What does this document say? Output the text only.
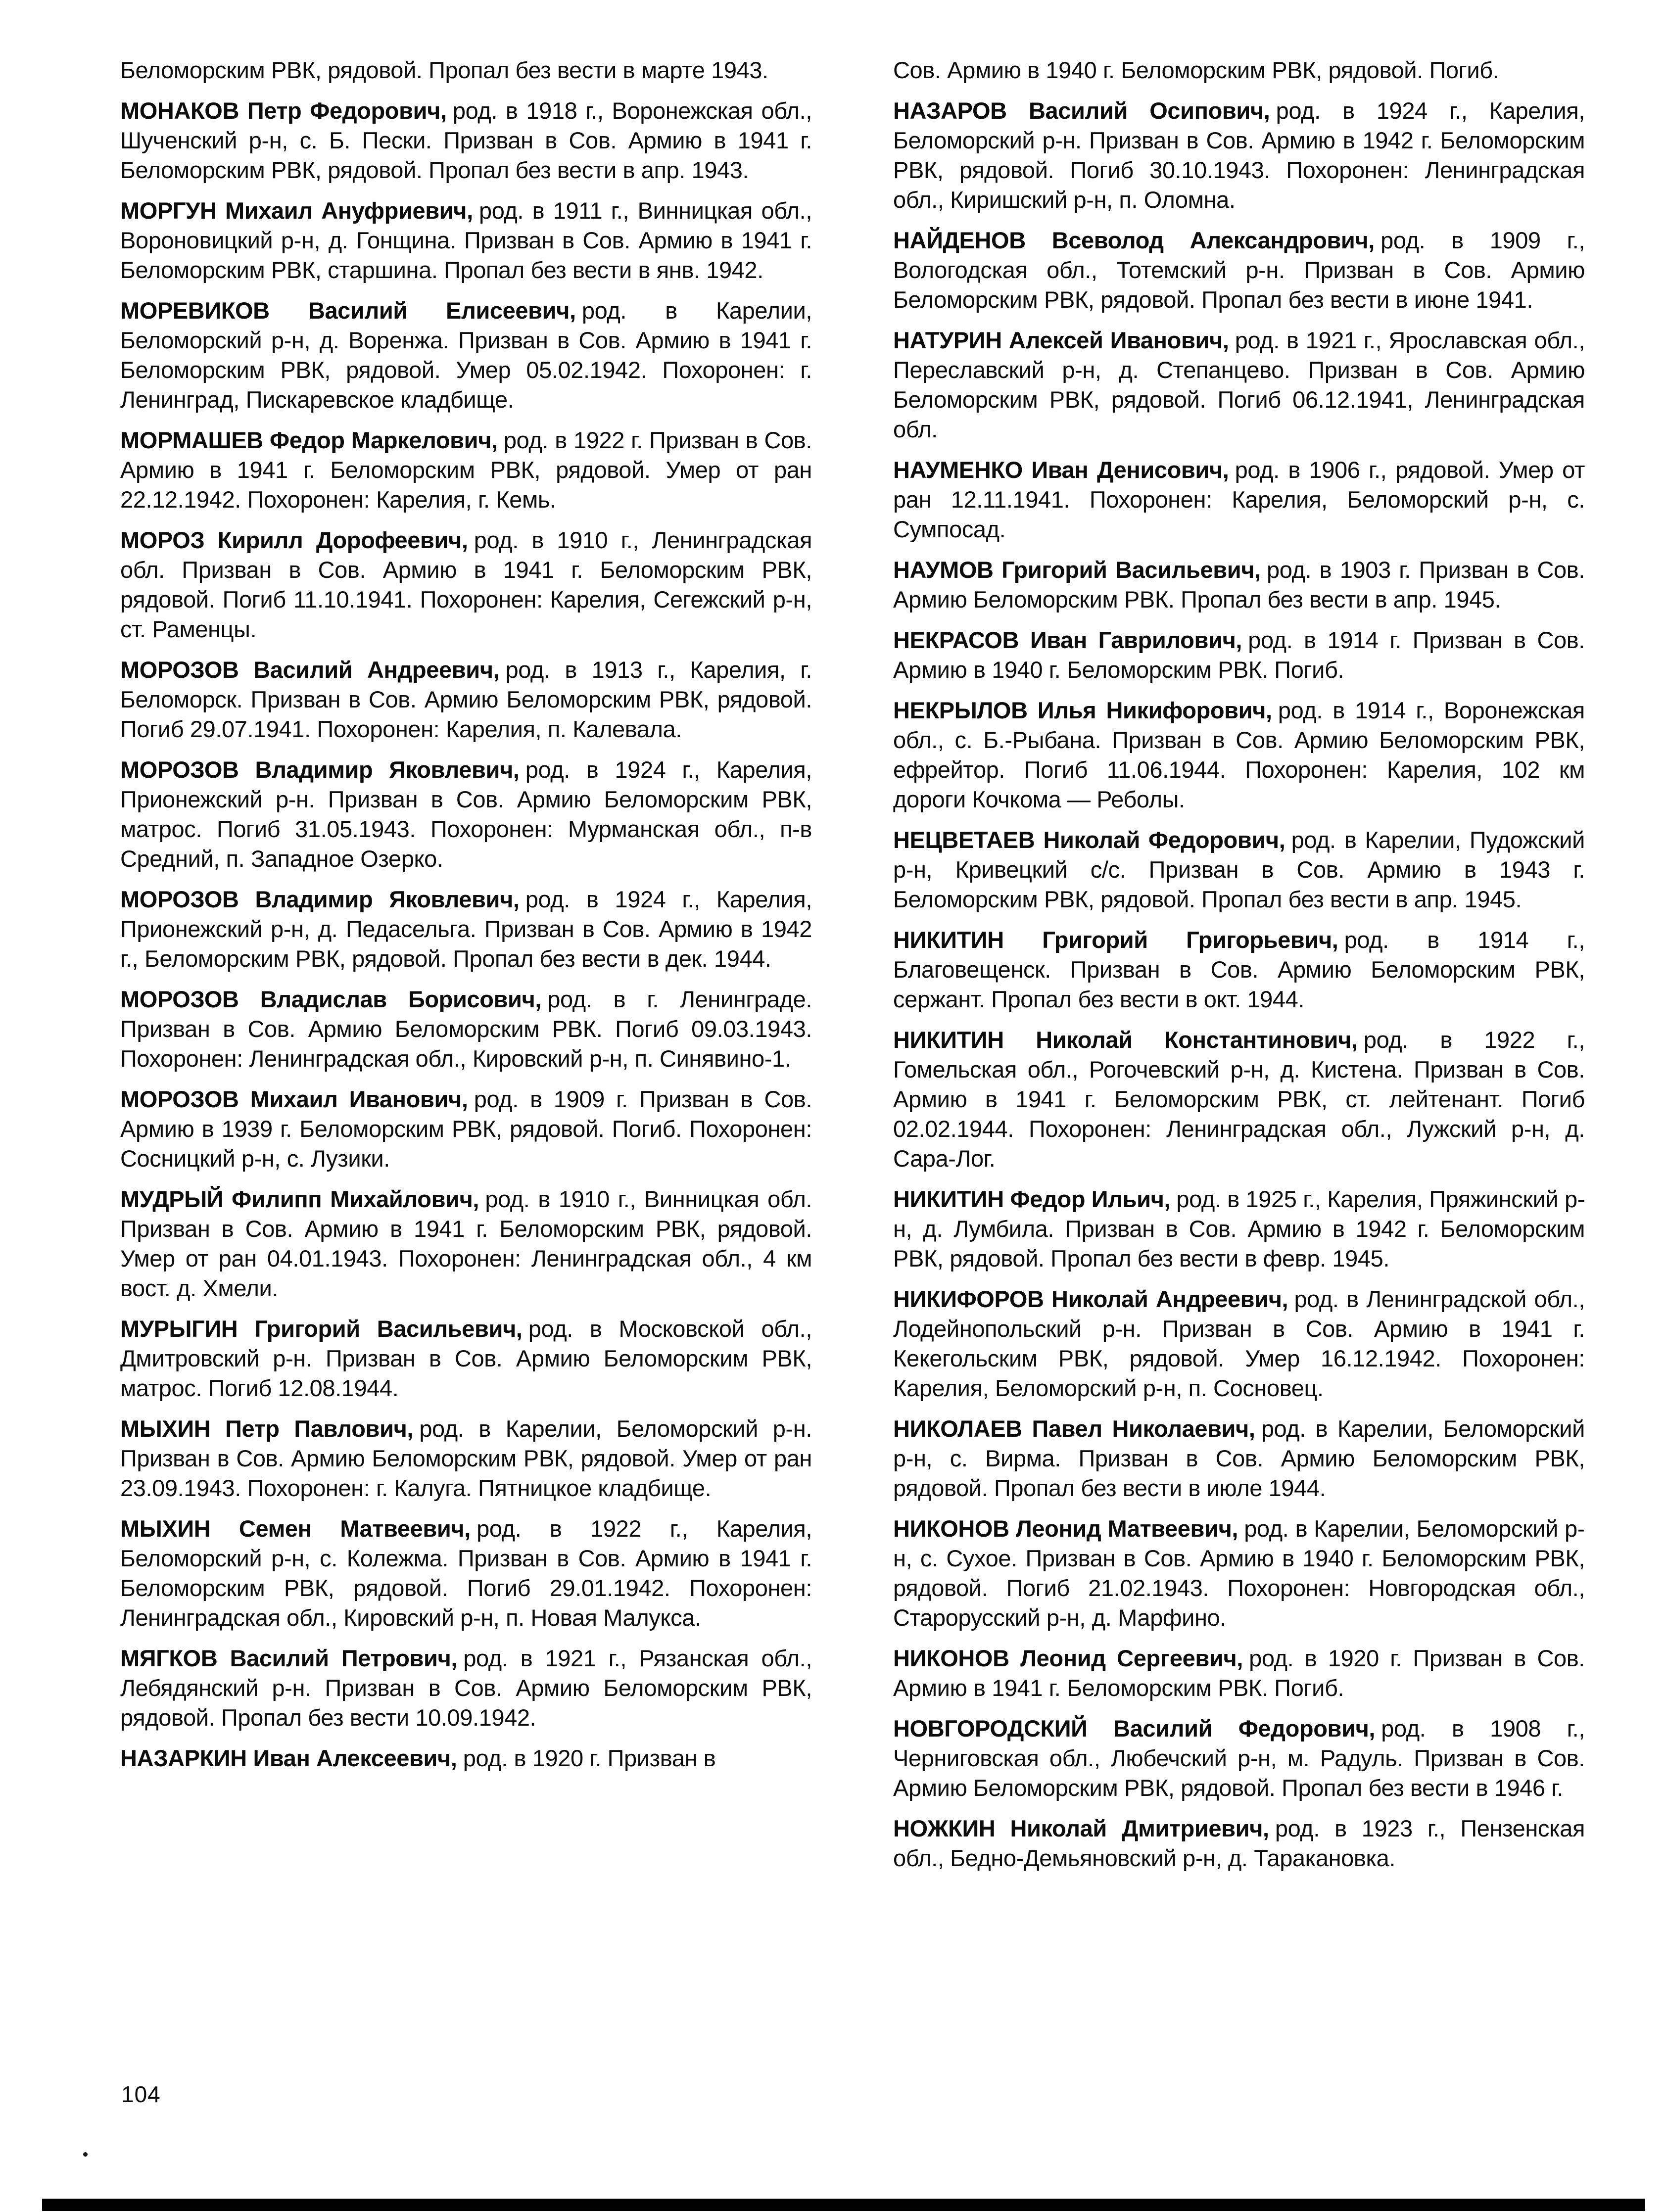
Беломорским РВК, рядовой. Пропал без вести в марте 1943.

МОНАКОВ Петр Федорович, род. в 1918 г., Воронежская обл., Шученский р-н, с. Б. Пески. Призван в Сов. Армию в 1941 г. Беломорским РВК, рядовой. Пропал без вести в апр. 1943.

МОРГУН Михаил Ануфриевич, род. в 1911 г., Винницкая обл., Вороновицкий р-н, д. Гонщина. Призван в Сов. Армию в 1941 г. Беломорским РВК, старшина. Пропал без вести в янв. 1942.

МОРЕВИКОВ Василий Елисеевич, род. в Карелии, Беломорский р-н, д. Воренжа. Призван в Сов. Армию в 1941 г. Беломорским РВК, рядовой. Умер 05.02.1942. Похоронен: г. Ленинград, Пискаревское кладбище.

МОРМАШЕВ Федор Маркелович, род. в 1922 г. Призван в Сов. Армию в 1941 г. Беломорским РВК, рядовой. Умер от ран 22.12.1942. Похоронен: Карелия, г. Кемь.

МОРОЗ Кирилл Дорофеевич, род. в 1910 г., Ленинградская обл. Призван в Сов. Армию в 1941 г. Беломорским РВК, рядовой. Погиб 11.10.1941. Похоронен: Карелия, Сегежский р-н, ст. Раменцы.

МОРОЗОВ Василий Андреевич, род. в 1913 г., Карелия, г. Беломорск. Призван в Сов. Армию Беломорским РВК, рядовой. Погиб 29.07.1941. Похоронен: Карелия, п. Калевала.

МОРОЗОВ Владимир Яковлевич, род. в 1924 г., Карелия, Прионежский р-н. Призван в Сов. Армию Беломорским РВК, матрос. Погиб 31.05.1943. Похоронен: Мурманская обл., п-в Средний, п. Западное Озерко.

МОРОЗОВ Владимир Яковлевич, род. в 1924 г., Карелия, Прионежский р-н, д. Педасельга. Призван в Сов. Армию в 1942 г., Беломорским РВК, рядовой. Пропал без вести в дек. 1944.

МОРОЗОВ Владислав Борисович, род. в г. Ленинграде. Призван в Сов. Армию Беломорским РВК. Погиб 09.03.1943. Похоронен: Ленинградская обл., Кировский р-н, п. Синявино-1.

МОРОЗОВ Михаил Иванович, род. в 1909 г. Призван в Сов. Армию в 1939 г. Беломорским РВК, рядовой. Погиб. Похоронен: Сосницкий р-н, с. Лузики.

МУДРЫЙ Филипп Михайлович, род. в 1910 г., Винницкая обл. Призван в Сов. Армию в 1941 г. Беломорским РВК, рядовой. Умер от ран 04.01.1943. Похоронен: Ленинградская обл., 4 км вост. д. Хмели.

МУРЫГИН Григорий Васильевич, род. в Московской обл., Дмитровский р-н. Призван в Сов. Армию Беломорским РВК, матрос. Погиб 12.08.1944.

МЫХИН Петр Павлович, род. в Карелии, Беломорский р-н. Призван в Сов. Армию Беломорским РВК, рядовой. Умер от ран 23.09.1943. Похоронен: г. Калуга. Пятницкое кладбище.

МЫХИН Семен Матвеевич, род. в 1922 г., Карелия, Беломорский р-н, с. Колежма. Призван в Сов. Армию в 1941 г. Беломорским РВК, рядовой. Погиб 29.01.1942. Похоронен: Ленинградская обл., Кировский р-н, п. Новая Малукса.

МЯГКОВ Василий Петрович, род. в 1921 г., Рязанская обл., Лебядянский р-н. Призван в Сов. Армию Беломорским РВК, рядовой. Пропал без вести 10.09.1942.

НАЗАРКИН Иван Алексеевич, род. в 1920 г. Призван в

Сов. Армию в 1940 г. Беломорским РВК, рядовой. Погиб.

НАЗАРОВ Василий Осипович, род. в 1924 г., Карелия, Беломорский р-н. Призван в Сов. Армию в 1942 г. Беломорским РВК, рядовой. Погиб 30.10.1943. Похоронен: Ленинградская обл., Киришский р-н, п. Оломна.

НАЙДЕНОВ Всеволод Александрович, род. в 1909 г., Вологодская обл., Тотемский р-н. Призван в Сов. Армию Беломорским РВК, рядовой. Пропал без вести в июне 1941.

НАТУРИН Алексей Иванович, род. в 1921 г., Ярославская обл., Переславский р-н, д. Степанцево. Призван в Сов. Армию Беломорским РВК, рядовой. Погиб 06.12.1941, Ленинградская обл.

НАУМЕНКО Иван Денисович, род. в 1906 г., рядовой. Умер от ран 12.11.1941. Похоронен: Карелия, Беломорский р-н, с. Сумпосад.

НАУМОВ Григорий Васильевич, род. в 1903 г. Призван в Сов. Армию Беломорским РВК. Пропал без вести в апр. 1945.

НЕКРАСОВ Иван Гаврилович, род. в 1914 г. Призван в Сов. Армию в 1940 г. Беломорским РВК. Погиб.

НЕКРЫЛОВ Илья Никифорович, род. в 1914 г., Воронежская обл., с. Б.-Рыбана. Призван в Сов. Армию Беломорским РВК, ефрейтор. Погиб 11.06.1944. Похоронен: Карелия, 102 км дороги Кочкома — Реболы.

НЕЦВЕТАЕВ Николай Федорович, род. в Карелии, Пудожский р-н, Кривецкий с/с. Призван в Сов. Армию в 1943 г. Беломорским РВК, рядовой. Пропал без вести в апр. 1945.

НИКИТИН Григорий Григорьевич, род. в 1914 г., Благовещенск. Призван в Сов. Армию Беломорским РВК, сержант. Пропал без вести в окт. 1944.

НИКИТИН Николай Константинович, род. в 1922 г., Гомельская обл., Рогочевский р-н, д. Кистена. Призван в Сов. Армию в 1941 г. Беломорским РВК, ст. лейтенант. Погиб 02.02.1944. Похоронен: Ленинградская обл., Лужский р-н, д. Сара-Лог.

НИКИТИН Федор Ильич, род. в 1925 г., Карелия, Пряжинский р-н, д. Лумбила. Призван в Сов. Армию в 1942 г. Беломорским РВК, рядовой. Пропал без вести в февр. 1945.

НИКИФОРОВ Николай Андреевич, род. в Ленинградской обл., Лодейнопольский р-н. Призван в Сов. Армию в 1941 г. Кекегольским РВК, рядовой. Умер 16.12.1942. Похоронен: Карелия, Беломорский р-н, п. Сосновец.

НИКОЛАЕВ Павел Николаевич, род. в Карелии, Беломорский р-н, с. Вирма. Призван в Сов. Армию Беломорским РВК, рядовой. Пропал без вести в июле 1944.

НИКОНОВ Леонид Матвеевич, род. в Карелии, Беломорский р-н, с. Сухое. Призван в Сов. Армию в 1940 г. Беломорским РВК, рядовой. Погиб 21.02.1943. Похоронен: Новгородская обл., Старорусский р-н, д. Марфино.

НИКОНОВ Леонид Сергеевич, род. в 1920 г. Призван в Сов. Армию в 1941 г. Беломорским РВК. Погиб.

НОВГОРОДСКИЙ Василий Федорович, род. в 1908 г., Черниговская обл., Любечский р-н, м. Радуль. Призван в Сов. Армию Беломорским РВК, рядовой. Пропал без вести в 1946 г.

НОЖКИН Николай Дмитриевич, род. в 1923 г., Пензенская обл., Бедно-Демьяновский р-н, д. Таракановка.

104
